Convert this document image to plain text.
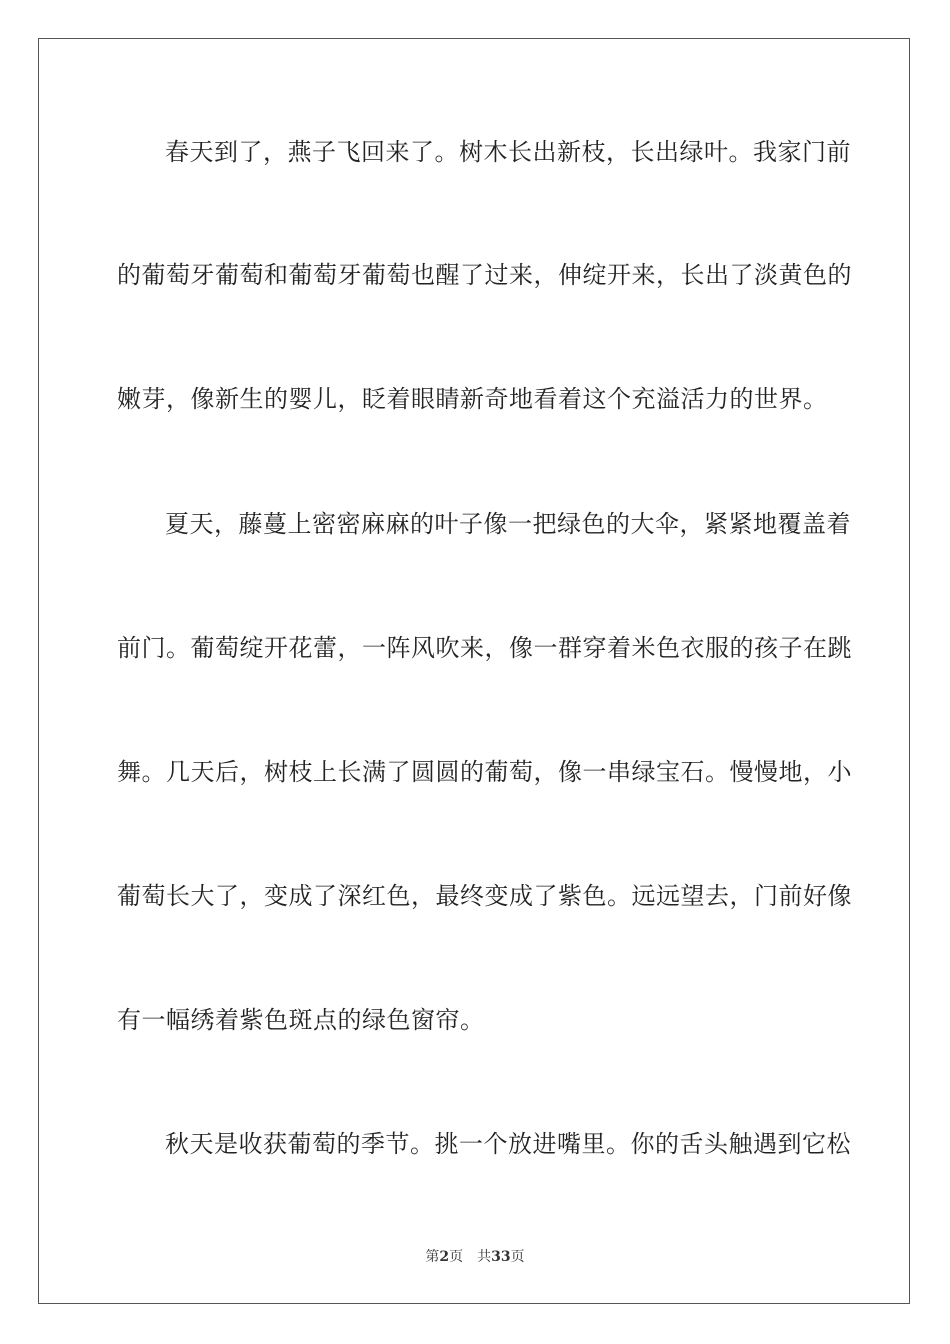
春天到了，燕子飞回来了。树木长出新枝，长出绿叶。我家门前
的葡萄牙葡萄和葡萄牙葡萄也醒了过来，伸绽开来，长出了淡黄色的
嫩芽，像新生的婴儿，眨着眼睛新奇地看着这个充溢活力的世界。
夏天，藤蔓上密密麻麻的叶子像一把绿色的大伞，紧紧地覆盖着
前门。葡萄绽开花蕾，一阵风吹来，像一群穿着米色衣服的孩子在跳
舞。几天后，树枝上长满了圆圆的葡萄，像一串绿宝石。慢慢地，小
葡萄长大了，变成了深红色，最终变成了紫色。远远望去，门前好像
有一幅绣着紫色斑点的绿色窗帘。
秋天是收获葡萄的季节。挑一个放进嘴里。你的舌头触遇到它松
第2页 共33页
